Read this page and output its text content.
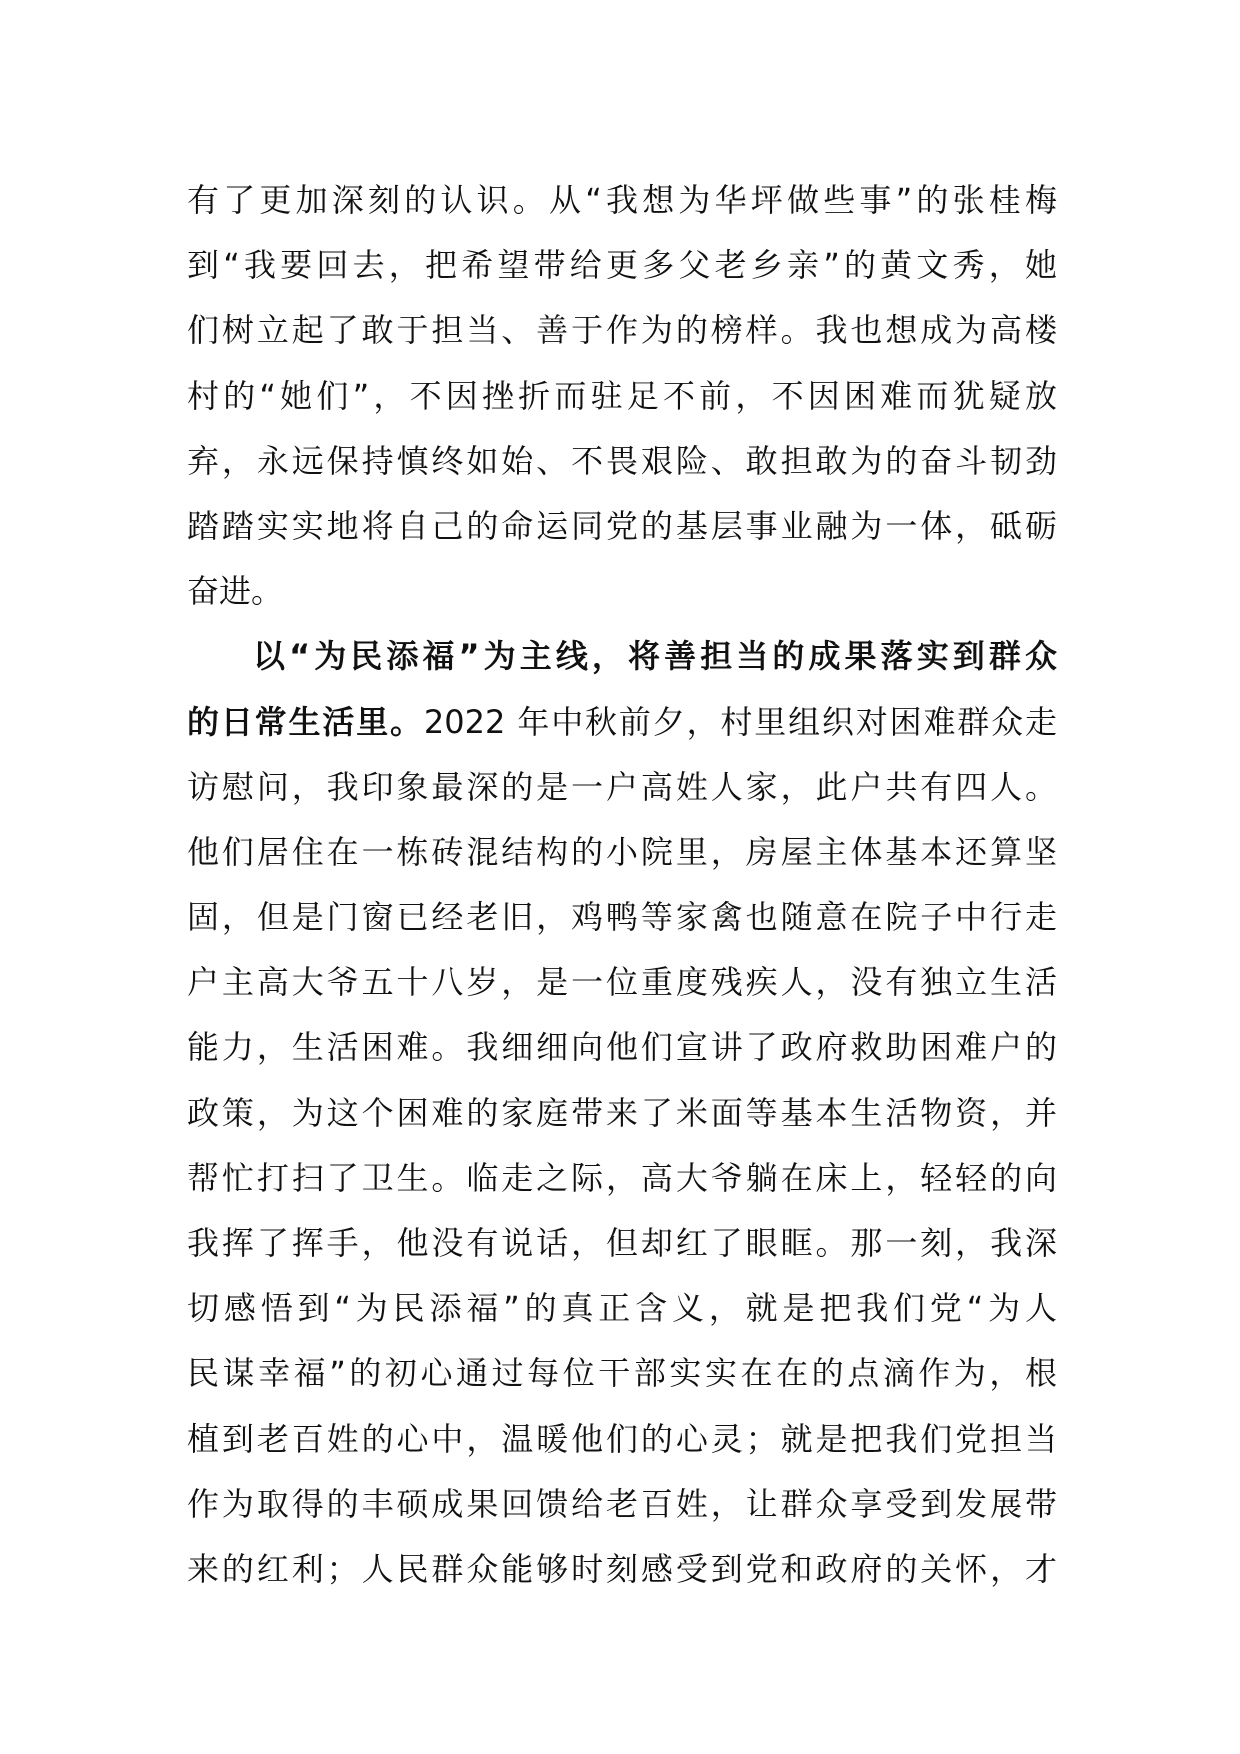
有了更加深刻的认识。从“我想为华坪做些事”的张桂梅
到“我要回去，把希望带给更多父老乡亲”的黄文秀，她
们树立起了敢于担当、善于作为的榜样。我也想成为高楼
村的“她们”，不因挫折而驻足不前，不因困难而犹疑放
弃，永远保持慎终如始、不畏艰险、敢担敢为的奋斗韧劲
踏踏实实地将自己的命运同党的基层事业融为一体，砥砺
奋进。
以“为民添福”为主线，将善担当的成果落实到群众
的日常生活里。2022 年中秋前夕，村里组织对困难群众走
访慰问，我印象最深的是一户高姓人家，此户共有四人。
他们居住在一栋砖混结构的小院里，房屋主体基本还算坚
固，但是门窗已经老旧，鸡鸭等家禽也随意在院子中行走
户主高大爷五十八岁，是一位重度残疾人，没有独立生活
能力，生活困难。我细细向他们宣讲了政府救助困难户的
政策，为这个困难的家庭带来了米面等基本生活物资，并
帮忙打扫了卫生。临走之际，高大爷躺在床上，轻轻的向
我挥了挥手，他没有说话，但却红了眼眶。那一刻，我深
切感悟到“为民添福”的真正含义，就是把我们党“为人
民谋幸福”的初心通过每位干部实实在在的点滴作为，根
植到老百姓的心中，温暖他们的心灵；就是把我们党担当
作为取得的丰硕成果回馈给老百姓，让群众享受到发展带
来的红利；人民群众能够时刻感受到党和政府的关怀，才
